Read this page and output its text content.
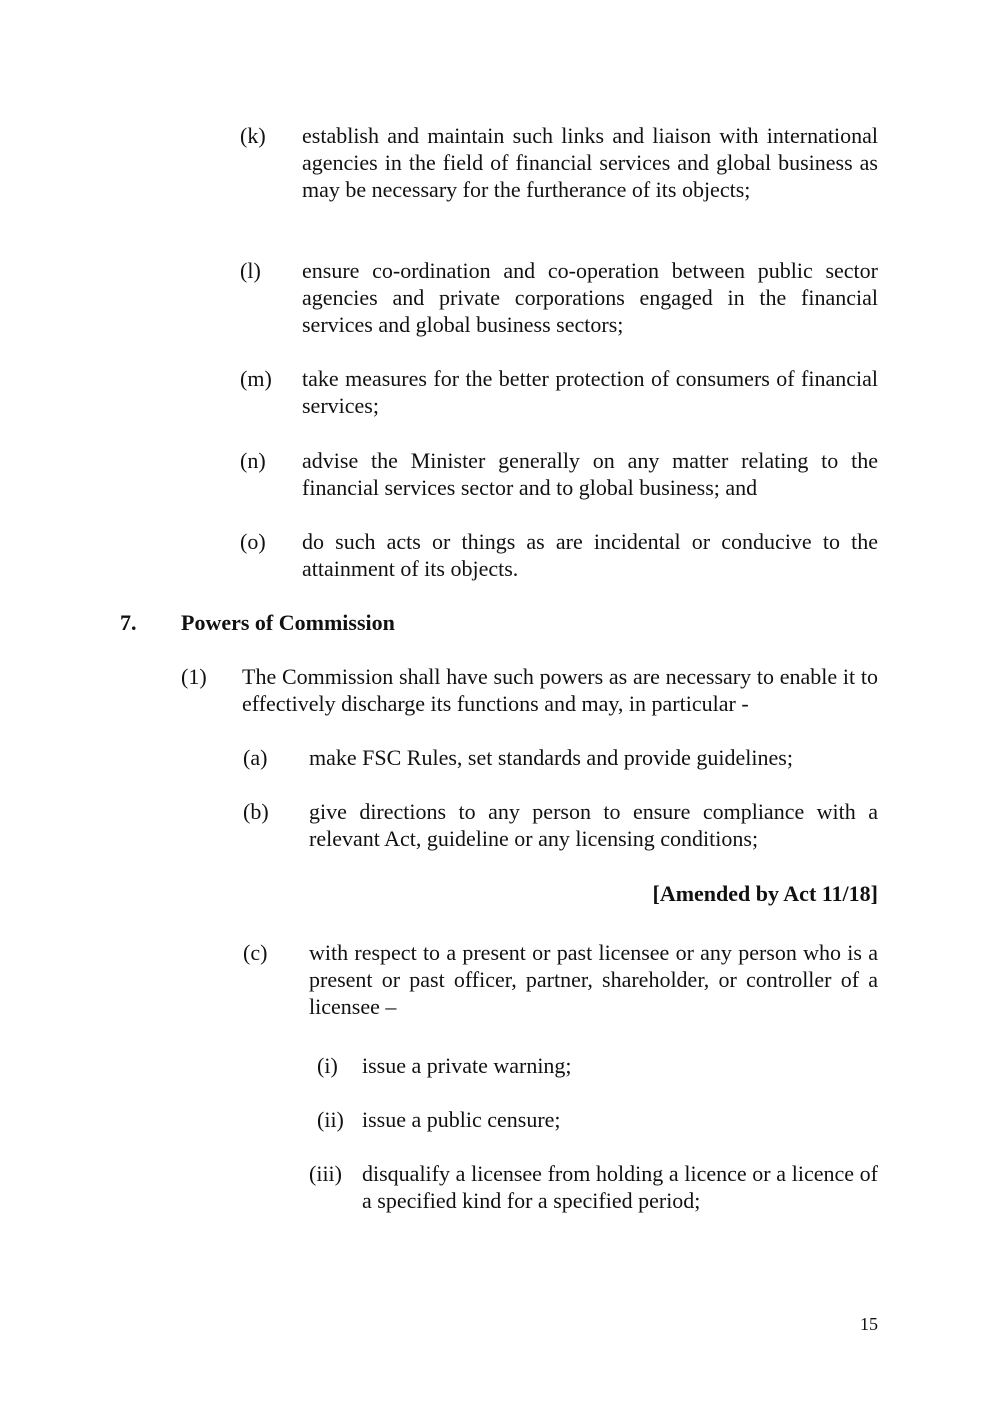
(k) establish and maintain such links and liaison with international agencies in the field of financial services and global business as may be necessary for the furtherance of its objects;
(l) ensure co-ordination and co-operation between public sector agencies and private corporations engaged in the financial services and global business sectors;
(m) take measures for the better protection of consumers of financial services;
(n) advise the Minister generally on any matter relating to the financial services sector and to global business; and
(o) do such acts or things as are incidental or conducive to the attainment of its objects.
7. Powers of Commission
(1) The Commission shall have such powers as are necessary to enable it to effectively discharge its functions and may, in particular -
(a) make FSC Rules, set standards and provide guidelines;
(b) give directions to any person to ensure compliance with a relevant Act, guideline or any licensing conditions;
[Amended by Act 11/18]
(c) with respect to a present or past licensee or any person who is a present or past officer, partner, shareholder, or controller of a licensee –
(i) issue a private warning;
(ii) issue a public censure;
(iii) disqualify a licensee from holding a licence or a licence of a specified kind for a specified period;
15
